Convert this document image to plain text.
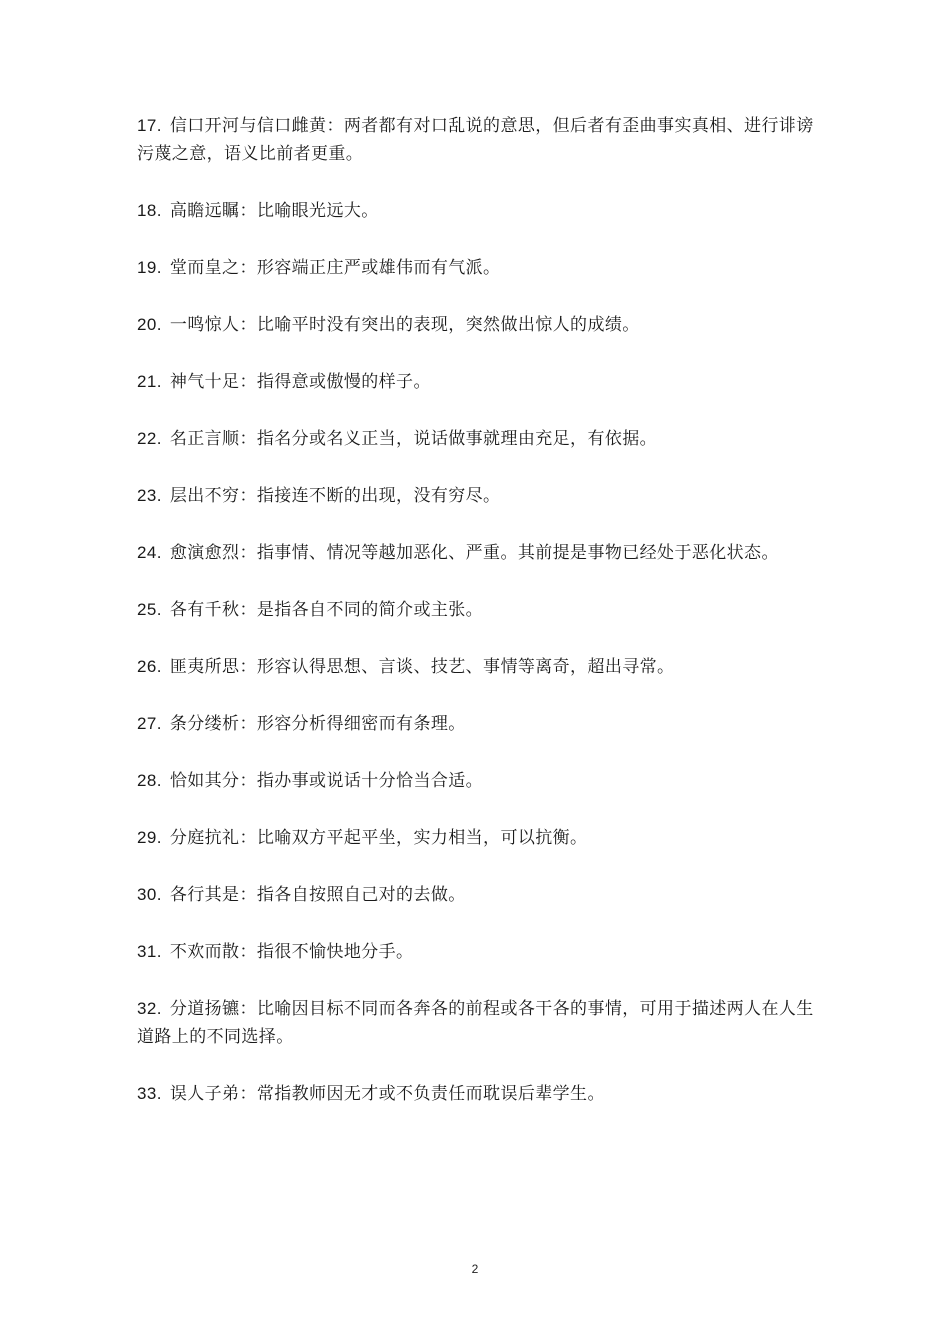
17. 信口开河与信口雌黄：两者都有对口乱说的意思，但后者有歪曲事实真相、进行诽谤污蔑之意，语义比前者更重。

18. 高瞻远瞩：比喻眼光远大。

19. 堂而皇之：形容端正庄严或雄伟而有气派。

20. 一鸣惊人：比喻平时没有突出的表现，突然做出惊人的成绩。

21. 神气十足：指得意或傲慢的样子。

22. 名正言顺：指名分或名义正当，说话做事就理由充足，有依据。

23. 层出不穷：指接连不断的出现，没有穷尽。

24. 愈演愈烈：指事情、情况等越加恶化、严重。其前提是事物已经处于恶化状态。

25. 各有千秋：是指各自不同的简介或主张。

26. 匪夷所思：形容认得思想、言谈、技艺、事情等离奇，超出寻常。

27. 条分缕析：形容分析得细密而有条理。

28. 恰如其分：指办事或说话十分恰当合适。

29. 分庭抗礼：比喻双方平起平坐，实力相当，可以抗衡。

30. 各行其是：指各自按照自己对的去做。

31. 不欢而散：指很不愉快地分手。

32. 分道扬镳：比喻因目标不同而各奔各的前程或各干各的事情，可用于描述两人在人生道路上的不同选择。

33. 误人子弟：常指教师因无才或不负责任而耽误后辈学生。

2
